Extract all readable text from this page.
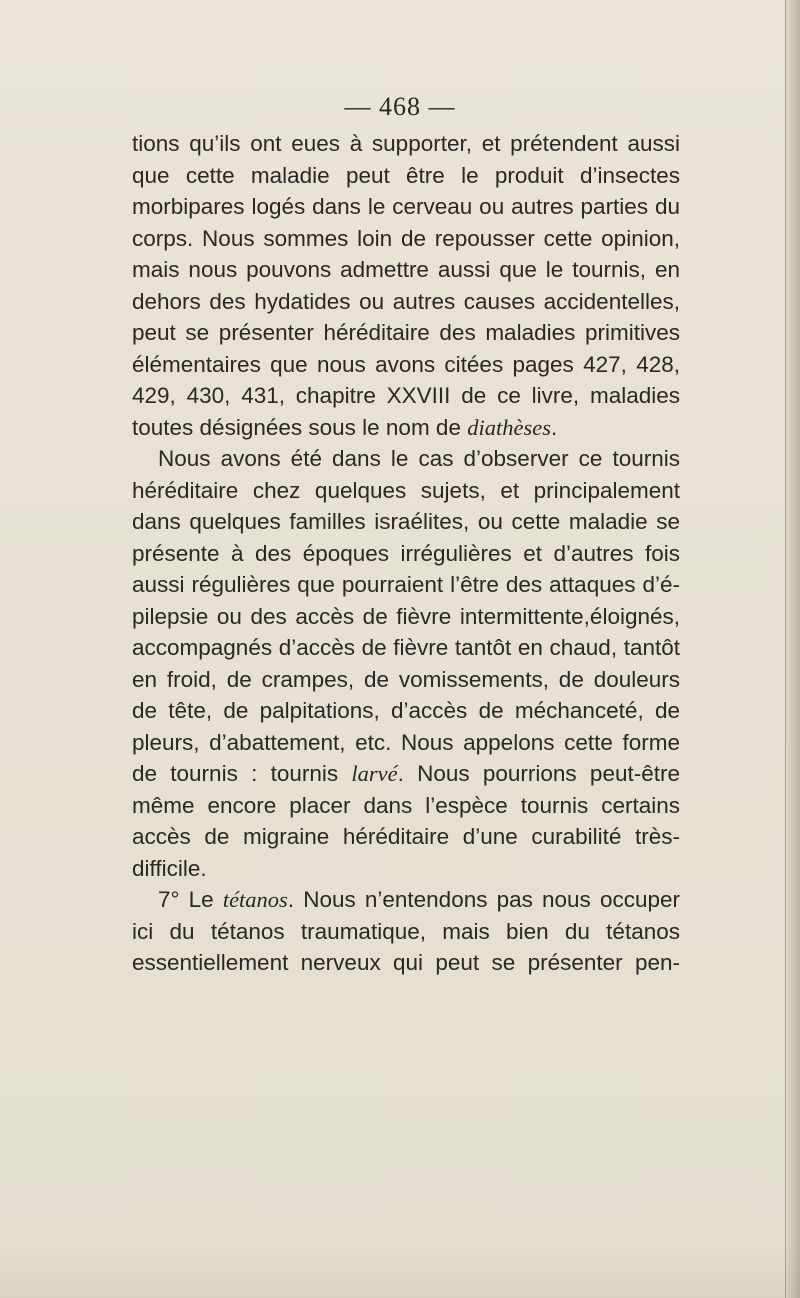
— 468 —
tions qu’ils ont eues à supporter, et prétendent aussi
que cette maladie peut être le produit d’insectes
morbipares logés dans le cerveau ou autres parties du
corps. Nous sommes loin de repousser cette opinion,
mais nous pouvons admettre aussi que le tournis, en
dehors des hydatides ou autres causes accidentelles,
peut se présenter héréditaire des maladies primitives
élémentaires que nous avons citées pages 427, 428,
429, 430, 431, chapitre XXVIII de ce livre, maladies
toutes désignées sous le nom de diathèses.
Nous avons été dans le cas d’observer ce tournis
héréditaire chez quelques sujets, et principalement
dans quelques familles israélites, ou cette maladie se
présente à des époques irrégulières et d’autres fois
aussi régulières que pourraient l’être des attaques d’é-
pilepsie ou des accès de fièvre intermittente,éloignés,
accompagnés d’accès de fièvre tantôt en chaud, tantôt
en froid, de crampes, de vomissements, de douleurs
de tête, de palpitations, d’accès de méchanceté, de
pleurs, d’abattement, etc. Nous appelons cette forme
de tournis : tournis larvé. Nous pourrions peut-être
même encore placer dans l’espèce tournis certains
accès de migraine héréditaire d’une curabilité très-
difficile.
7° Le tétanos. Nous n’entendons pas nous occuper
ici du tétanos traumatique, mais bien du tétanos
essentiellement nerveux qui peut se présenter pen-
